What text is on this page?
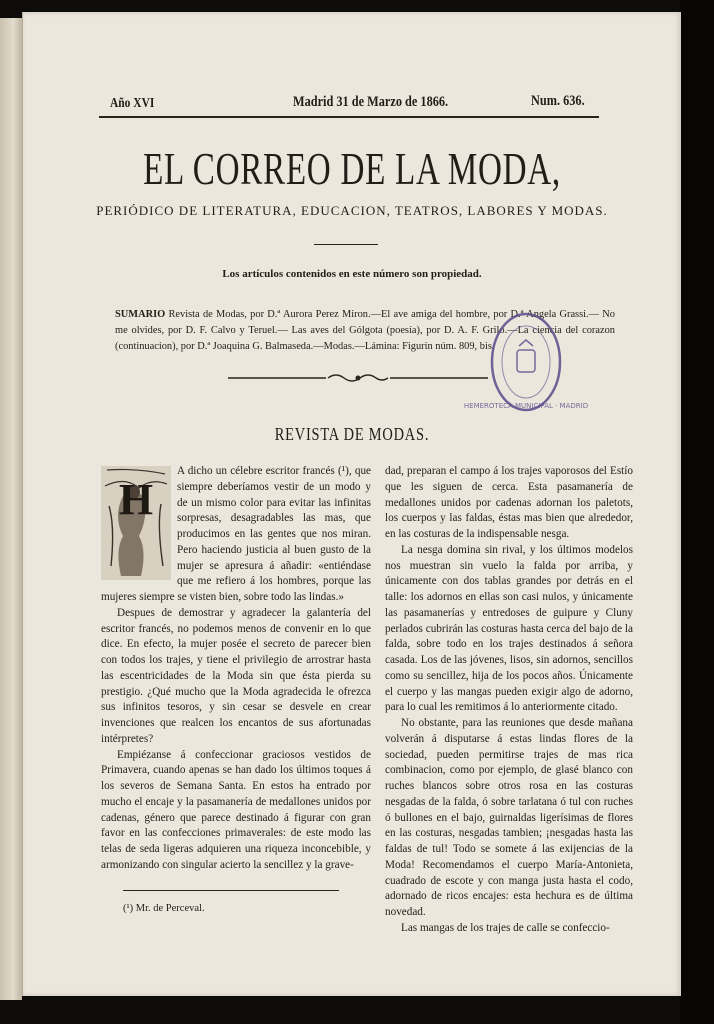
Año XVI	Madrid 31 de Marzo de 1866.	Num. 636.
EL CORREO DE LA MODA,
PERIÓDICO DE LITERATURA, EDUCACION, TEATROS, LABORES Y MODAS.
Los artículos contenidos en este número son propiedad.
SUMARIO Revista de Modas, por D.ª Aurora Perez Miron.—El ave amiga del hombre, por D.ª Angela Grassi.— No me olvides, por D. F. Calvo y Teruel.— Las aves del Gólgota (poesía), por D. A. F. Grilo.—La ciencia del corazon (continuacion), por D.ª Joaquina G. Balmaseda.—Modas.—Lámina: Figurin núm. 809, bis.
HEMEROTECA MUNICIPAL · MADRID
REVISTA DE MODAS.
H

A dicho un célebre escritor francés (¹), que siempre deberíamos vestir de un modo y de un mismo color para evitar las infinitas sorpresas, desagradables las mas, que producimos en las gentes que nos miran. Pero haciendo justicia al buen gusto de la mujer se apresura á añadir: «entiéndase que me refiero á los hombres, porque las mujeres siempre se visten bien, sobre todo las lindas.»

Despues de demostrar y agradecer la galantería del escritor francés, no podemos menos de convenir en lo que dice. En efecto, la mujer posée el secreto de parecer bien con todos los trajes, y tiene el privilegio de arrostrar hasta las escentricidades de la Moda sin que ésta pierda su prestigio. ¿Qué mucho que la Moda agradecida le ofrezca sus infinitos tesoros, y sin cesar se desvele en crear invenciones que realcen los encantos de sus afortunadas intérpretes?

Empiézanse á confeccionar graciosos vestidos de Primavera, cuando apenas se han dado los últimos toques á los severos de Semana Santa. En estos ha entrado por mucho el encaje y la pasamanería de medallones unidos por cadenas, género que parece destinado á figurar con gran favor en las confecciones primaverales: de este modo las telas de seda ligeras adquieren una riqueza inconcebible, y armonizando con singular acierto la sencillez y la grave-

(¹) Mr. de Perceval.

dad, preparan el campo á los trajes vaporosos del Estío que les siguen de cerca. Esta pasamanería de medallones unidos por cadenas adornan los paletots, los cuerpos y las faldas, éstas mas bien que alrededor, en las costuras de la indispensable nesga.

La nesga domina sin rival, y los últimos modelos nos muestran sin vuelo la falda por arriba, y únicamente con dos tablas grandes por detrás en el talle: los adornos en ellas son casi nulos, y únicamente las pasamanerías y entredoses de guipure y Cluny perlados cubrirán las costuras hasta cerca del bajo de la falda, sobre todo en los trajes destinados á señora casada. Los de las jóvenes, lisos, sin adornos, sencillos como su sencillez, hija de los pocos años. Únicamente el cuerpo y las mangas pueden exigir algo de adorno, para lo cual les remitimos á lo anteriormente citado.

No obstante, para las reuniones que desde mañana volverán á disputarse á estas lindas flores de la sociedad, pueden permitirse trajes de mas rica combinacion, como por ejemplo, de glasé blanco con ruches blancos sobre otros rosa en las costuras nesgadas de la falda, ó sobre tarlatana ó tul con ruches ó bullones en el bajo, guirnaldas ligerísimas de flores en las costuras, nesgadas tambien; ¡nesgadas hasta las faldas de tul! Todo se somete á las exijencias de la Moda! Recomendamos el cuerpo María-Antonieta, cuadrado de escote y con manga justa hasta el codo, adornado de ricos encajes: esta hechura es de última novedad.

Las mangas de los trajes de calle se confeccio-
